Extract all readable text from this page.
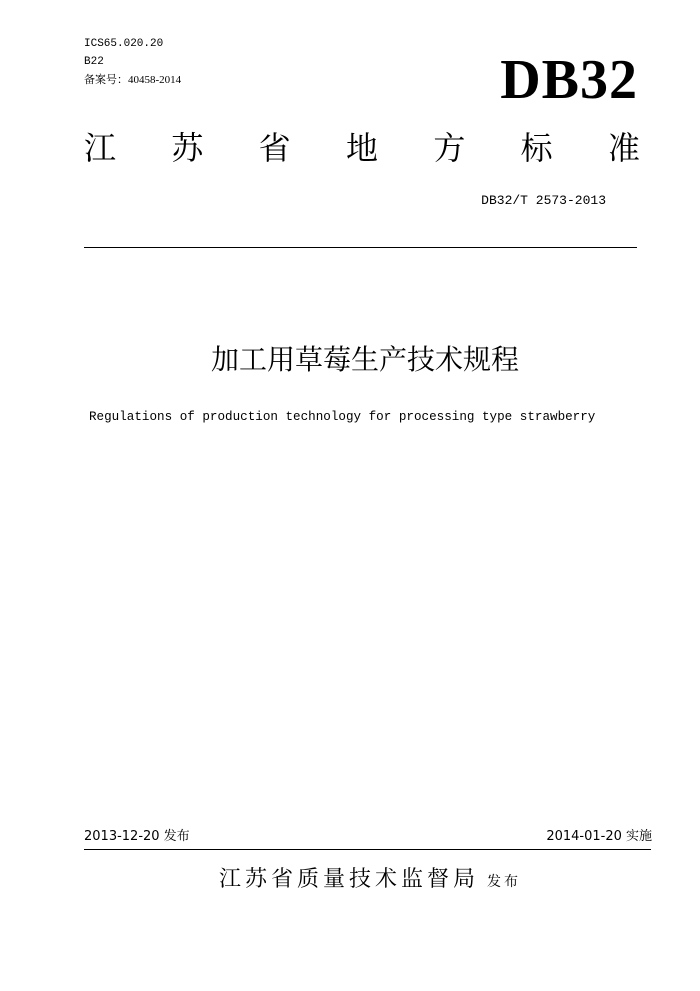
ICS65.020.20
B22
备案号：40458-2014	DB32
江 苏 省 地 方 标 准
DB32/T 2573-2013
加工用草莓生产技术规程
Regulations of production technology for processing type strawberry
2013-12-20 发布	2014-01-20 实施
江苏省质量技术监督局 发布
